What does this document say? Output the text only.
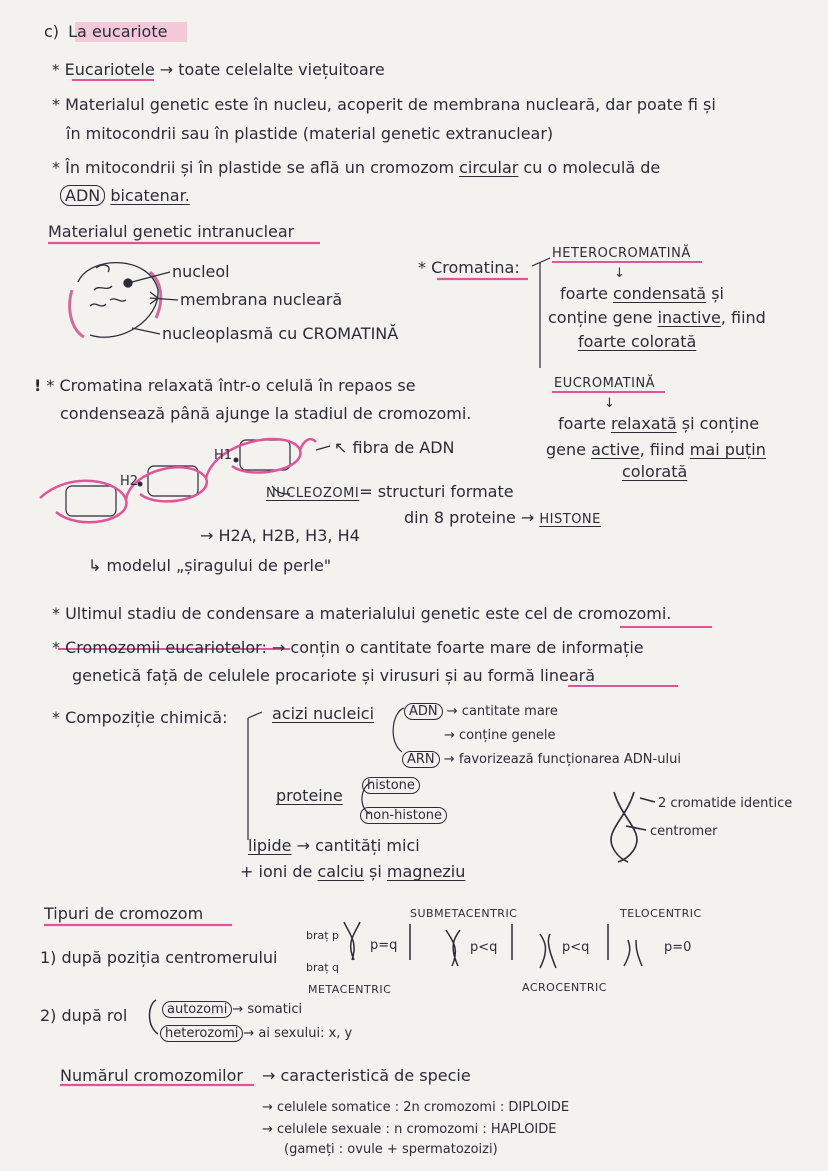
c) La eucariote
* Eucariotele → toate celelalte viețuitoare
* Materialul genetic este în nucleu, acoperit de membrana nucleară, dar poate fi și
în mitocondrii sau în plastide (material genetic extranuclear)
* În mitocondrii și în plastide se află un cromozom circular cu o moleculă de
ADN bicatenar.
Materialul genetic intranuclear
nucleol
membrana nucleară
nucleoplasmă cu CROMATINĂ
* Cromatina:
HETEROCROMATINĂ
↓
foarte condensată și
conține gene inactive, fiind
foarte colorată
EUCROMATINĂ
↓
foarte relaxată și conține
gene active, fiind mai puțin
colorată
! * Cromatina relaxată într-o celulă în repaos se
condensează până ajunge la stadiul de cromozomi.
H1
H2
↖ fibra de ADN
NUCLEOZOMI= structuri formate
din 8 proteine → HISTONE
→ H2A, H2B, H3, H4
↳ modelul „șiragului de perle"
* Ultimul stadiu de condensare a materialului genetic este cel de cromozomi.
* Cromozomii eucariotelor: → conțin o cantitate foarte mare de informație
genetică față de celulele procariote și virusuri și au formă lineară
* Compoziție chimică:	acizi nucleici	ADN → cantitate mare
→ conține genele
ARN → favorizează funcționarea ADN-ului
proteine
histone
non-histone
lipide → cantități mici
+ ioni de calciu și magneziu
2 cromatide identice
centromer
Tipuri de cromozom
1) după poziția centromerului
braț p
braț q
p=q
METACENTRIC
SUBMETACENTRIC
p<q
ACROCENTRIC
p<q
TELOCENTRIC
p=0
2) după rol	autozomi → somatici
heterozomi → ai sexului: x, y
Numărul cromozomilor → caracteristică de specie
→ celulele somatice : 2n cromozomi : DIPLOIDE
→ celulele sexuale : n cromozomi : HAPLOIDE
(gameți : ovule + spermatozoizi)
